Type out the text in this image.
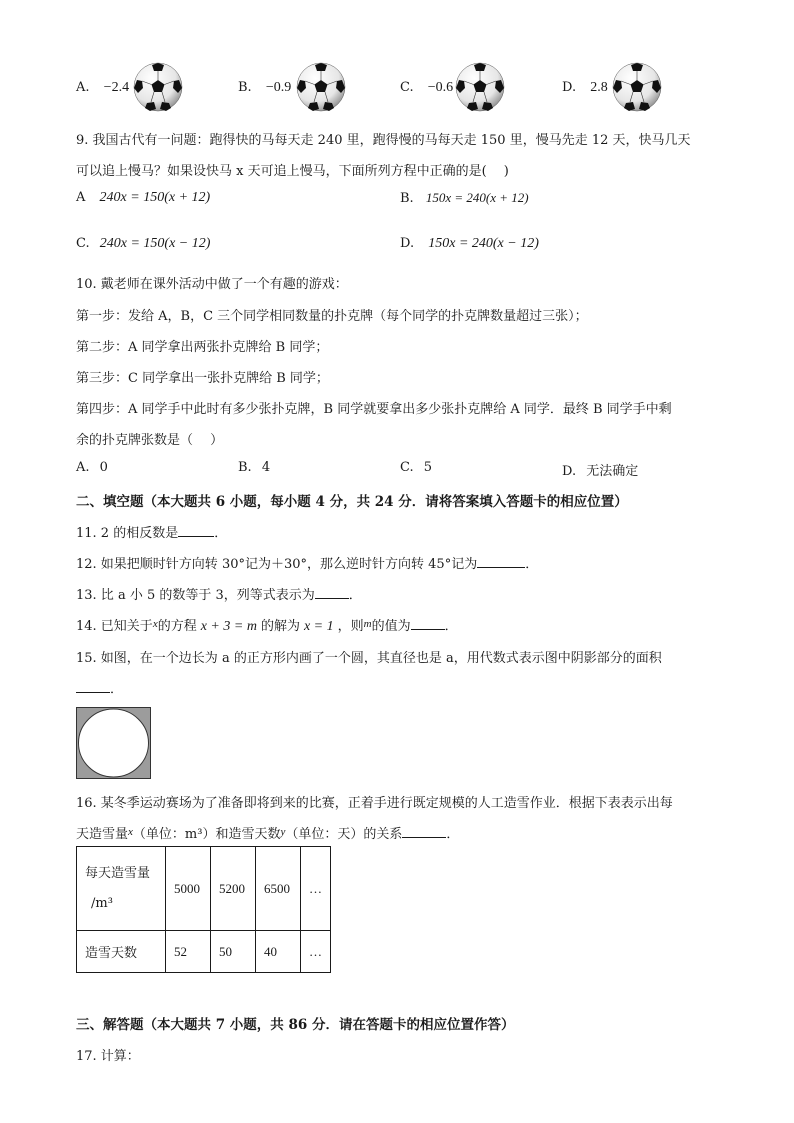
A. −2.4	B. −0.9	C. −0.6	D. 2.8
9. 我国古代有一问题：跑得快的马每天走 240 里，跑得慢的马每天走 150 里，慢马先走 12 天，快马几天
可以追上慢马？如果设快马 x 天可追上慢马，下面所列方程中正确的是(　 )
A 240x = 150(x + 12)	B. 150x = 240(x + 12)
C. 240x = 150(x − 12)	D. 150x = 240(x − 12)
10. 戴老师在课外活动中做了一个有趣的游戏：
第一步：发给 A，B，C 三个同学相同数量的扑克牌（每个同学的扑克牌数量超过三张）；
第二步：A 同学拿出两张扑克牌给 B 同学；
第三步：C 同学拿出一张扑克牌给 B 同学；
第四步：A 同学手中此时有多少张扑克牌，B 同学就要拿出多少张扑克牌给 A 同学．最终 B 同学手中剩
余的扑克牌张数是（　 ）
A. 0	B. 4	C. 5	D. 无法确定
二、填空题（本大题共 6 小题，每小题 4 分，共 24 分．请将答案填入答题卡的相应位置）
11. 2 的相反数是	．
12. 如果把顺时针方向转 30°记为＋30°，那么逆时针方向转 45°记为	．
13. 比 a 小 5 的数等于 3，列等式表示为	．
14. 已知关于$^x$的方程 x + 3 = m 的解为 x = 1 ，则$^m$的值为	．
15. 如图，在一个边长为 a 的正方形内画了一个圆，其直径也是 a，用代数式表示图中阴影部分的面积
．
16. 某冬季运动赛场为了准备即将到来的比赛，正着手进行既定规模的人工造雪作业．根据下表表示出每
天造雪量$^x$（单位：m³）和造雪天数$^y$（单位：天）的关系	．
每天造雪量
/m³	5000	5200	6500	…
造雪天数	52	50	40	…
三、解答题（本大题共 7 小题，共 86 分．请在答题卡的相应位置作答）
17. 计算：
